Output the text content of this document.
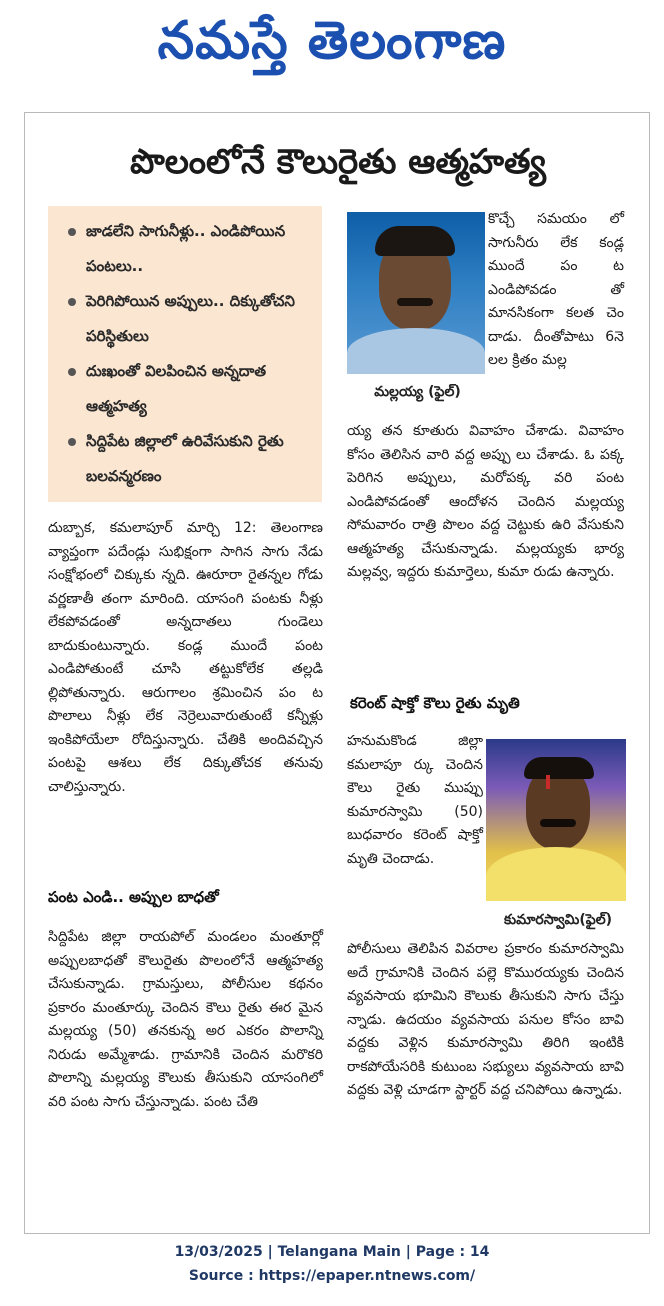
నమస్తే తెలంగాణ
పొలంలోనే కౌలురైతు ఆత్మహత్య
జాడలేని సాగునీళ్లు.. ఎండిపోయిన పంటలు..
పెరిగిపోయిన అప్పులు.. దిక్కుతోచని పరిస్థితులు
దుఃఖంతో విలపించిన అన్నదాత ఆత్మహత్య
సిద్దిపేట జిల్లాలో ఉరివేసుకుని రైతు బలవన్మరణం
మల్లయ్య (ఫైల్)

కొచ్చే సమయం లో సాగునీరు లేక కండ్ల ముందే పం ట ఎండిపోవడం తో మానసికంగా కలత చెం దాడు. దీంతోపాటు 6నె లల క్రితం మల్ల

య్య తన కూతురు వివాహం చేశాడు. వివాహం కోసం తెలిసిన వారి వద్ద అప్పు లు చేశాడు. ఓ పక్క పెరిగిన అప్పులు, మరోపక్క వరి పంట ఎండిపోవడంతో ఆందోళన చెందిన మల్లయ్య సోమవారం రాత్రి పొలం వద్ద చెట్టుకు ఉరి వేసుకుని ఆత్మహత్య చేసుకున్నాడు. మల్లయ్యకు భార్య మల్లవ్వ, ఇద్దరు కుమార్తెలు, కుమా రుడు ఉన్నారు.

దుబ్బాక, కమలాపూర్ మార్చి 12: తెలంగాణ వ్యాప్తంగా పదేండ్లు సుభిక్షంగా సాగిన సాగు నేడు సంక్షోభంలో చిక్కుకు న్నది. ఊరూరా రైతన్నల గోడు వర్ణణాతీ తంగా మారింది. యాసంగి పంటకు నీళ్లు లేకపోవడంతో అన్నదాతలు గుండెలు బాదుకుంటున్నారు. కండ్ల ముందే పంట ఎండిపోతుంటే చూసి తట్టుకోలేక తల్లడి ల్లిపోతున్నారు. ఆరుగాలం శ్రమించిన పం ట పొలాలు నీళ్లు లేక నెర్రెలువారుతుంటే కన్నీళ్లు ఇంకిపోయేలా రోదిస్తున్నారు. చేతికి అందివచ్చిన పంటపై ఆశలు లేక దిక్కుతోచక తనువు చాలిస్తున్నారు.

పంట ఎండి.. అప్పుల బాధతో

సిద్దిపేట జిల్లా రాయపోల్ మండలం మంతూర్లో అప్పులబాధతో కౌలురైతు పొలంలోనే ఆత్మహత్య చేసుకున్నాడు. గ్రామస్తులు, పోలీసుల కథనం ప్రకారం మంతూర్కు చెందిన కౌలు రైతు ఈర మైన మల్లయ్య (50) తనకున్న అర ఎకరం పొలాన్ని నిరుడు అమ్మేశాడు. గ్రామానికి చెందిన మరొకరి పొలాన్ని మల్లయ్య కౌలుకు తీసుకుని యాసంగిలో వరి పంట సాగు చేస్తున్నాడు. పంట చేతి

కరెంట్ షాక్తో కౌలు రైతు మృతి

హనుమకొండ జిల్లా కమలాపూ ర్కు చెందిన కౌలు రైతు ముప్పు కుమారస్వామి (50) బుధవారం కరెంట్ షాక్తో మృతి చెందాడు.

కుమారస్వామి(ఫైల్)

పోలీసులు తెలిపిన వివరాల ప్రకారం కుమారస్వామి అదే గ్రామానికి చెందిన పల్లె కొమురయ్యకు చెందిన వ్యవసాయ భూమిని కౌలుకు తీసుకుని సాగు చేస్తు న్నాడు. ఉదయం వ్యవసాయ పనుల కోసం బావి వద్దకు వెళ్లిన కుమారస్వామి తిరిగి ఇంటికి రాకపోయేసరికి కుటుంబ సభ్యులు వ్యవసాయ బావి వద్దకు వెళ్లి చూడగా స్టార్టర్ వద్ద చనిపోయి ఉన్నాడు.

13/03/2025 | Telangana Main | Page : 14
Source : https://epaper.ntnews.com/
